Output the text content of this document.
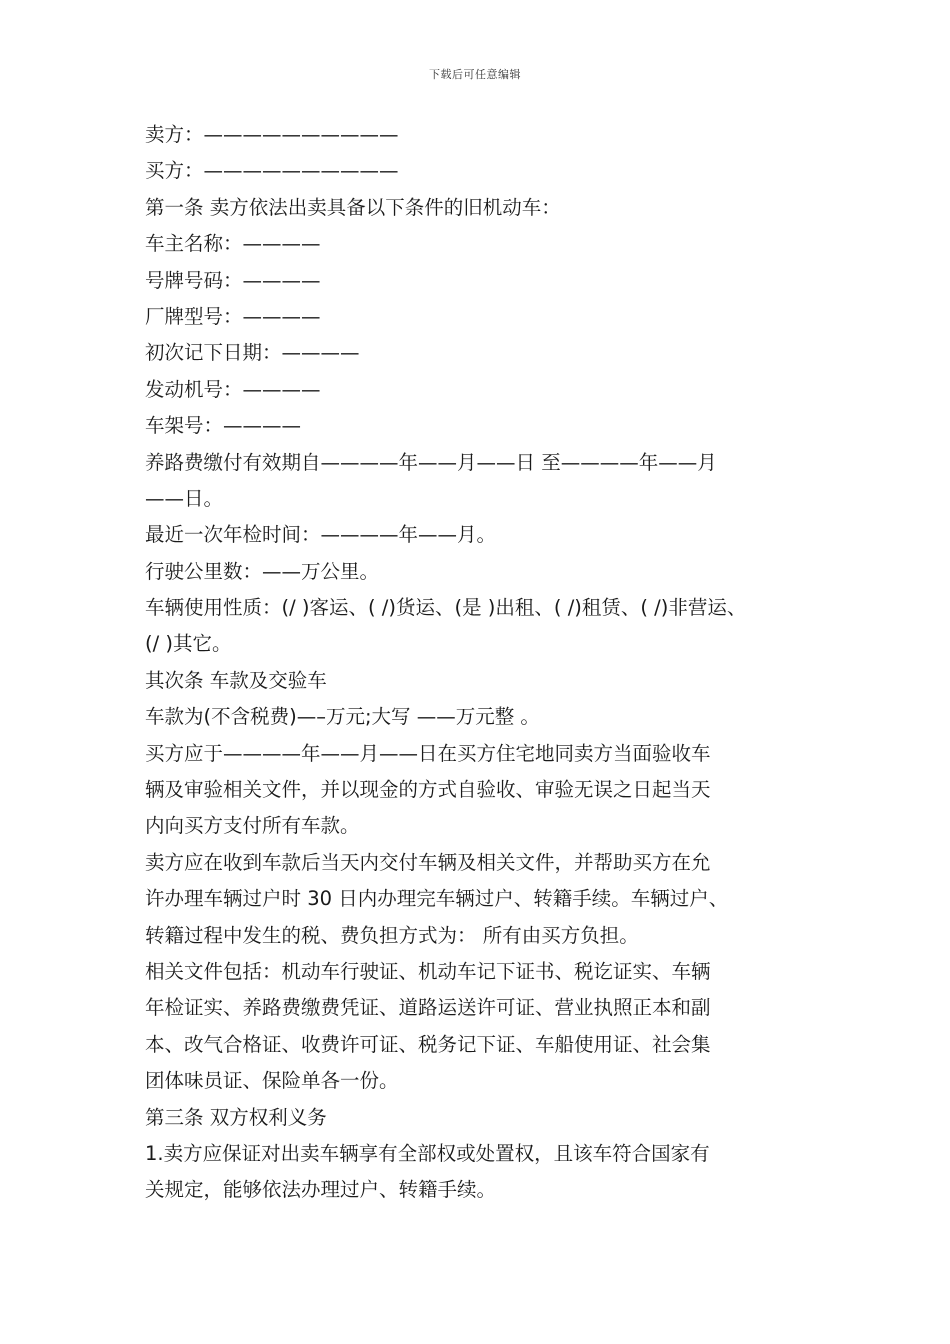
下载后可任意编辑
卖方：——————————
买方：——————————
第一条 卖方依法出卖具备以下条件的旧机动车：
车主名称：————
号牌号码：————
厂牌型号：————
初次记下日期：————
发动机号：————
车架号：————
养路费缴付有效期自————年——月——日 至————年——月
——日。
最近一次年检时间：————年——月。
行驶公里数：——万公里。
车辆使用性质：(/ )客运、( /)货运、(是 )出租、( /)租赁、( /)非营运、
(/ )其它。
其次条 车款及交验车
车款为(不含税费)—–万元;大写 ——万元整 。
买方应于————年——月——日在买方住宅地同卖方当面验收车
辆及审验相关文件，并以现金的方式自验收、审验无误之日起当天
内向买方支付所有车款。
卖方应在收到车款后当天内交付车辆及相关文件，并帮助买方在允
许办理车辆过户时 30 日内办理完车辆过户、转籍手续。车辆过户、
转籍过程中发生的税、费负担方式为： 所有由买方负担。
相关文件包括：机动车行驶证、机动车记下证书、税讫证实、车辆
年检证实、养路费缴费凭证、道路运送许可证、营业执照正本和副
本、改气合格证、收费许可证、税务记下证、车船使用证、社会集
团体味员证、保险单各一份。
第三条 双方权利义务
1.卖方应保证对出卖车辆享有全部权或处置权，且该车符合国家有
关规定，能够依法办理过户、转籍手续。
